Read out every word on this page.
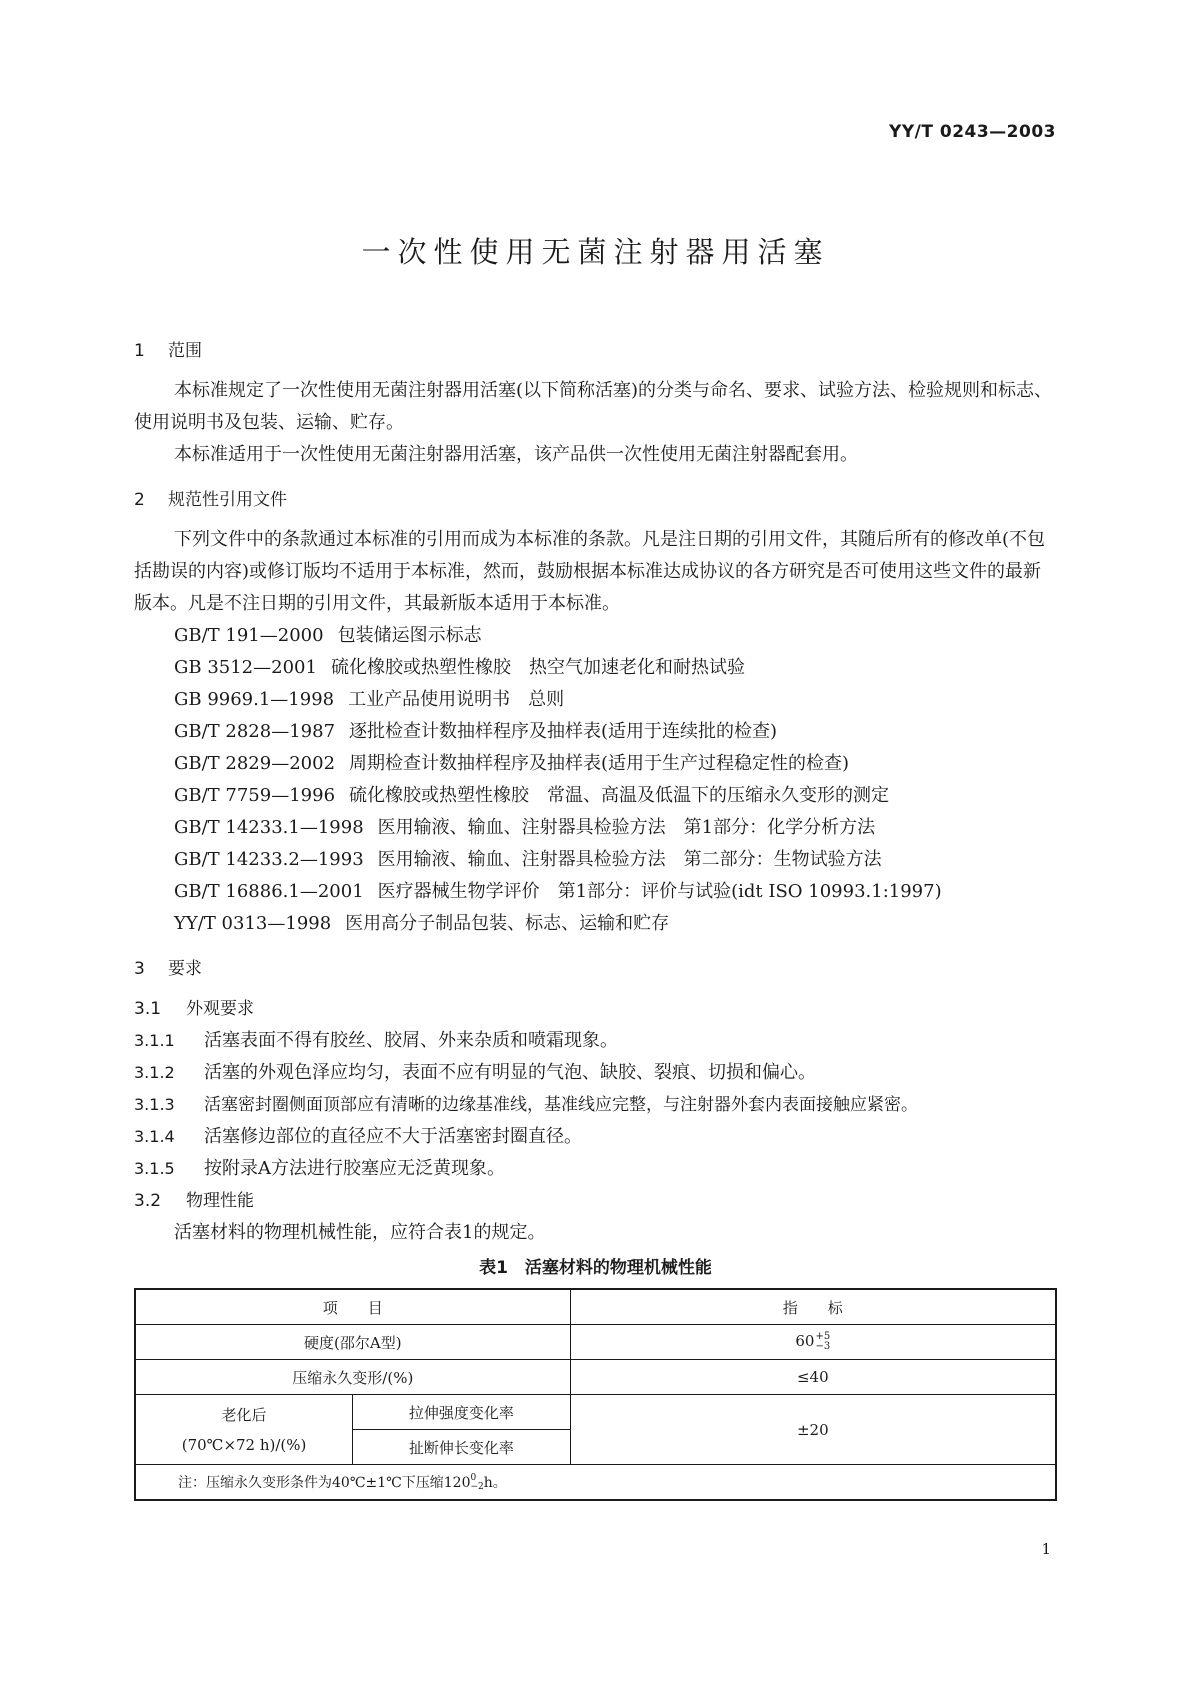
YY/T 0243—2003
一次性使用无菌注射器用活塞
1 范围

本标准规定了一次性使用无菌注射器用活塞(以下简称活塞)的分类与命名、要求、试验方法、检验规则和标志、使用说明书及包装、运输、贮存。

本标准适用于一次性使用无菌注射器用活塞，该产品供一次性使用无菌注射器配套用。

2 规范性引用文件

下列文件中的条款通过本标准的引用而成为本标准的条款。凡是注日期的引用文件，其随后所有的修改单(不包括勘误的内容)或修订版均不适用于本标准，然而，鼓励根据本标准达成协议的各方研究是否可使用这些文件的最新版本。凡是不注日期的引用文件，其最新版本适用于本标准。

GB/T 191—2000 包装储运图示标志
GB 3512—2001 硫化橡胶或热塑性橡胶　热空气加速老化和耐热试验
GB 9969.1—1998 工业产品使用说明书　总则
GB/T 2828—1987 逐批检查计数抽样程序及抽样表(适用于连续批的检查)
GB/T 2829—2002 周期检查计数抽样程序及抽样表(适用于生产过程稳定性的检查)
GB/T 7759—1996 硫化橡胶或热塑性橡胶　常温、高温及低温下的压缩永久变形的测定
GB/T 14233.1—1998 医用输液、输血、注射器具检验方法　第1部分：化学分析方法
GB/T 14233.2—1993 医用输液、输血、注射器具检验方法　第二部分：生物试验方法
GB/T 16886.1—2001 医疗器械生物学评价　第1部分：评价与试验(idt ISO 10993.1:1997)
YY/T 0313—1998 医用高分子制品包装、标志、运输和贮存
3 要求
3.1 外观要求
3.1.1 活塞表面不得有胶丝、胶屑、外来杂质和喷霜现象。
3.1.2 活塞的外观色泽应均匀，表面不应有明显的气泡、缺胶、裂痕、切损和偏心。
3.1.3 活塞密封圈侧面顶部应有清晰的边缘基准线，基准线应完整，与注射器外套内表面接触应紧密。
3.1.4 活塞修边部位的直径应不大于活塞密封圈直径。
3.1.5 按附录A方法进行胶塞应无泛黄现象。
3.2 物理性能

活塞材料的物理机械性能，应符合表1的规定。

表1　活塞材料的物理机械性能
项　　目		指　　标
硬度(邵尔A型)		60 +5
−3

压缩永久变形/(%)		≤40

老化后
(70℃×72 h)/(%)	拉伸强度变化率	±20
	扯断伸长变化率	
注：压缩永久变形条件为40℃±1℃下压缩120 0
−2 h。		
1
